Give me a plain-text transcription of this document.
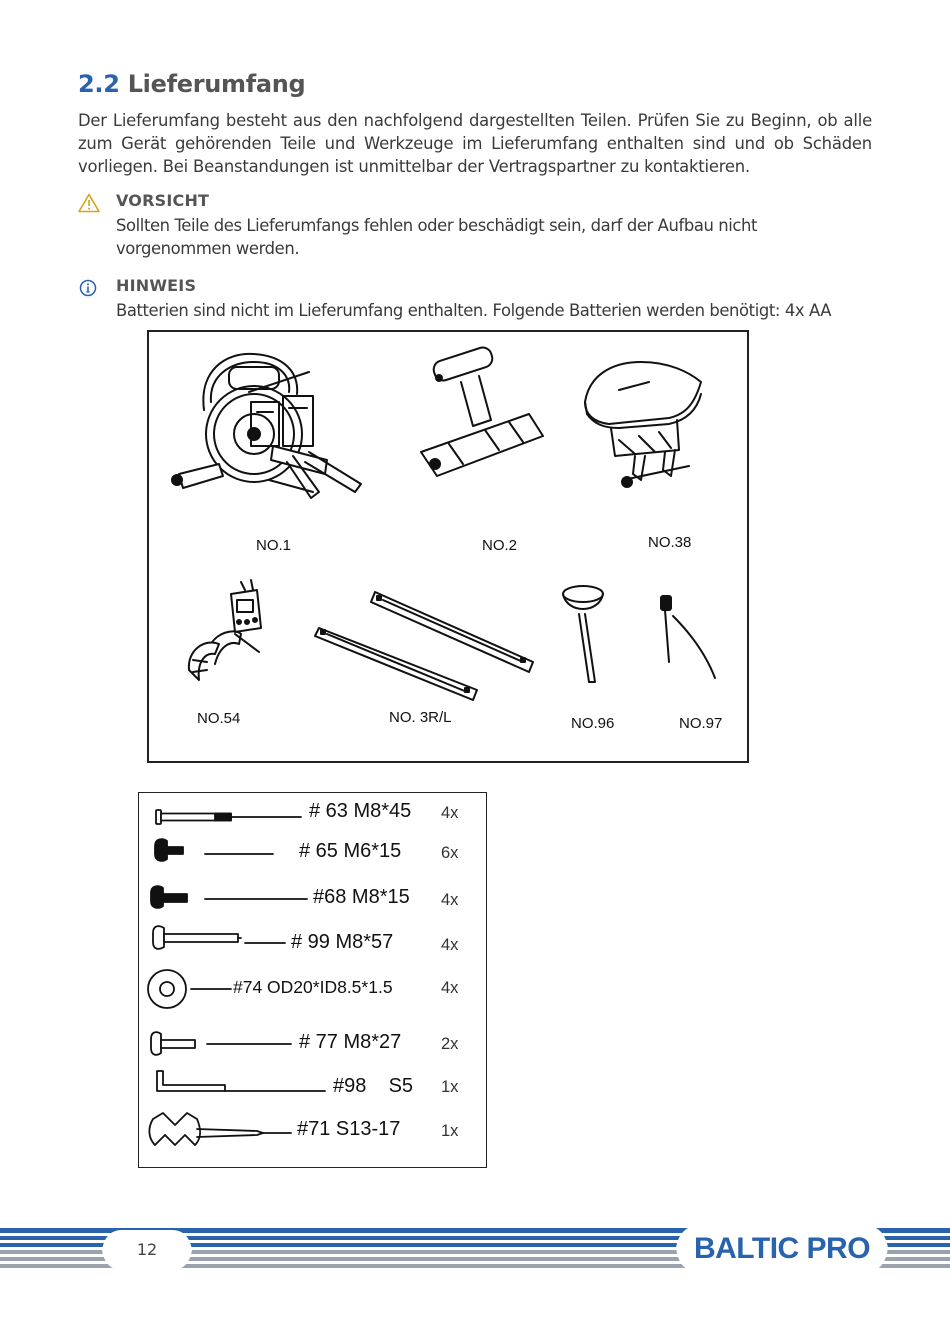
2.2 Lieferumfang

Der Lieferumfang besteht aus den nachfolgend dargestellten Teilen. Prüfen Sie zu Beginn, ob alle zum Gerät gehörenden Teile und Werkzeuge im Lieferumfang enthalten sind und ob Schäden vorliegen. Bei Beanstandungen ist unmittelbar der Vertragspartner zu kontaktieren.

VORSICHT

Sollten Teile des Lieferumfangs fehlen oder beschädigt sein, darf der Aufbau nicht vorgenommen werden.

HINWEIS

Batterien sind nicht im Lieferumfang enthalten. Folgende Batterien werden benötigt: 4x AA

NO.1	NO.2	NO.38
NO.54	NO. 3R/L	NO.96	NO.97
# 63 M8*45 4x
# 65 M6*15 6x
#68 M8*15 4x
# 99 M8*57	4x
#74 OD20*ID8.5*1.5	4x
# 77 M8*27 2x
#98    S5 1x
#71 S13-17 1x
12	BALTIC PRO
